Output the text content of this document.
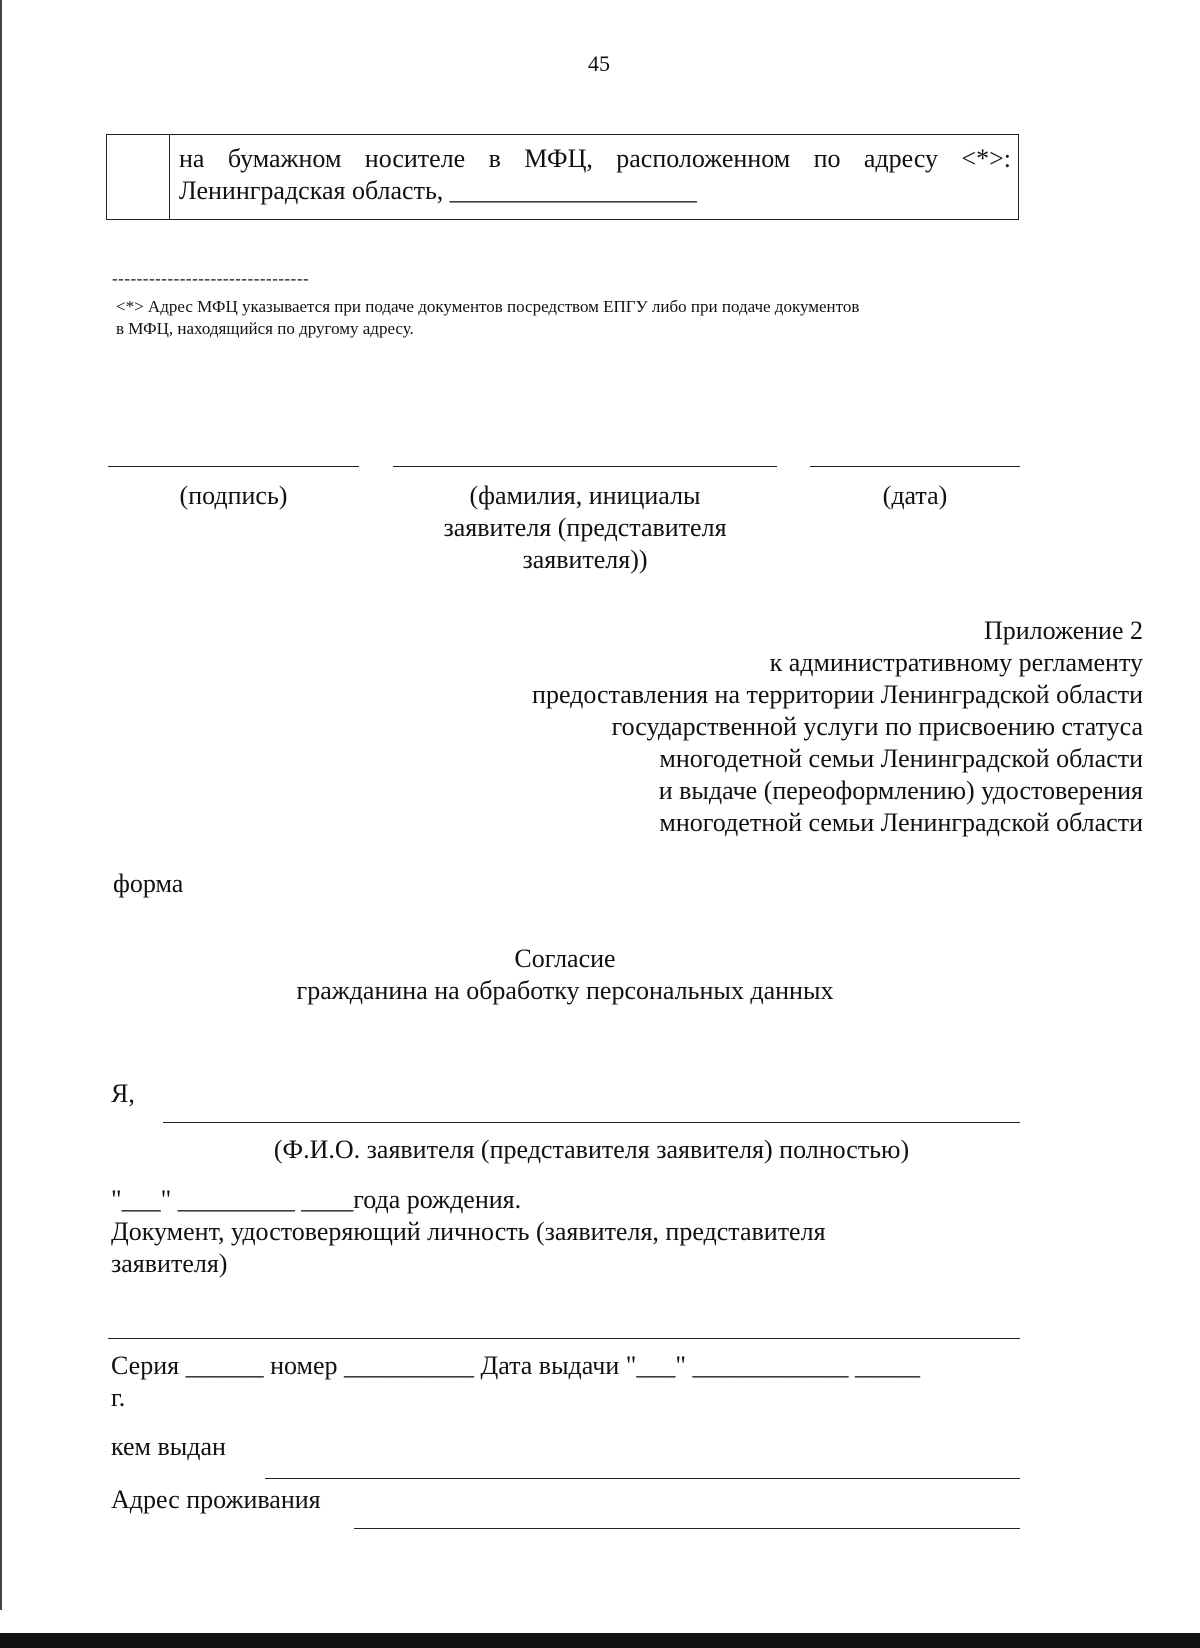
45
на бумажном носителе в МФЦ, расположенном по адресу <*>:
Ленинградская область, ___________________
--------------------------------
<*> Адрес МФЦ указывается при подаче документов посредством ЕПГУ либо при подаче документов
в МФЦ, находящийся по другому адресу.
(подпись)	(фамилия, инициалы
заявителя (представителя
заявителя))
(дата)
Приложение 2
к административному регламенту
предоставления на территории Ленинградской области
государственной услуги по присвоению статуса
многодетной семьи Ленинградской области
и выдаче (переоформлению) удостоверения
многодетной семьи Ленинградской области
форма
Согласие
гражданина на обработку персональных данных
Я,
(Ф.И.О. заявителя (представителя заявителя) полностью)
"___" _________ ____года рождения.
Документ, удостоверяющий личность (заявителя, представителя
заявителя)
Серия ______ номер __________ Дата выдачи "___" ____________ _____
г.
кем выдан
Адрес проживания
